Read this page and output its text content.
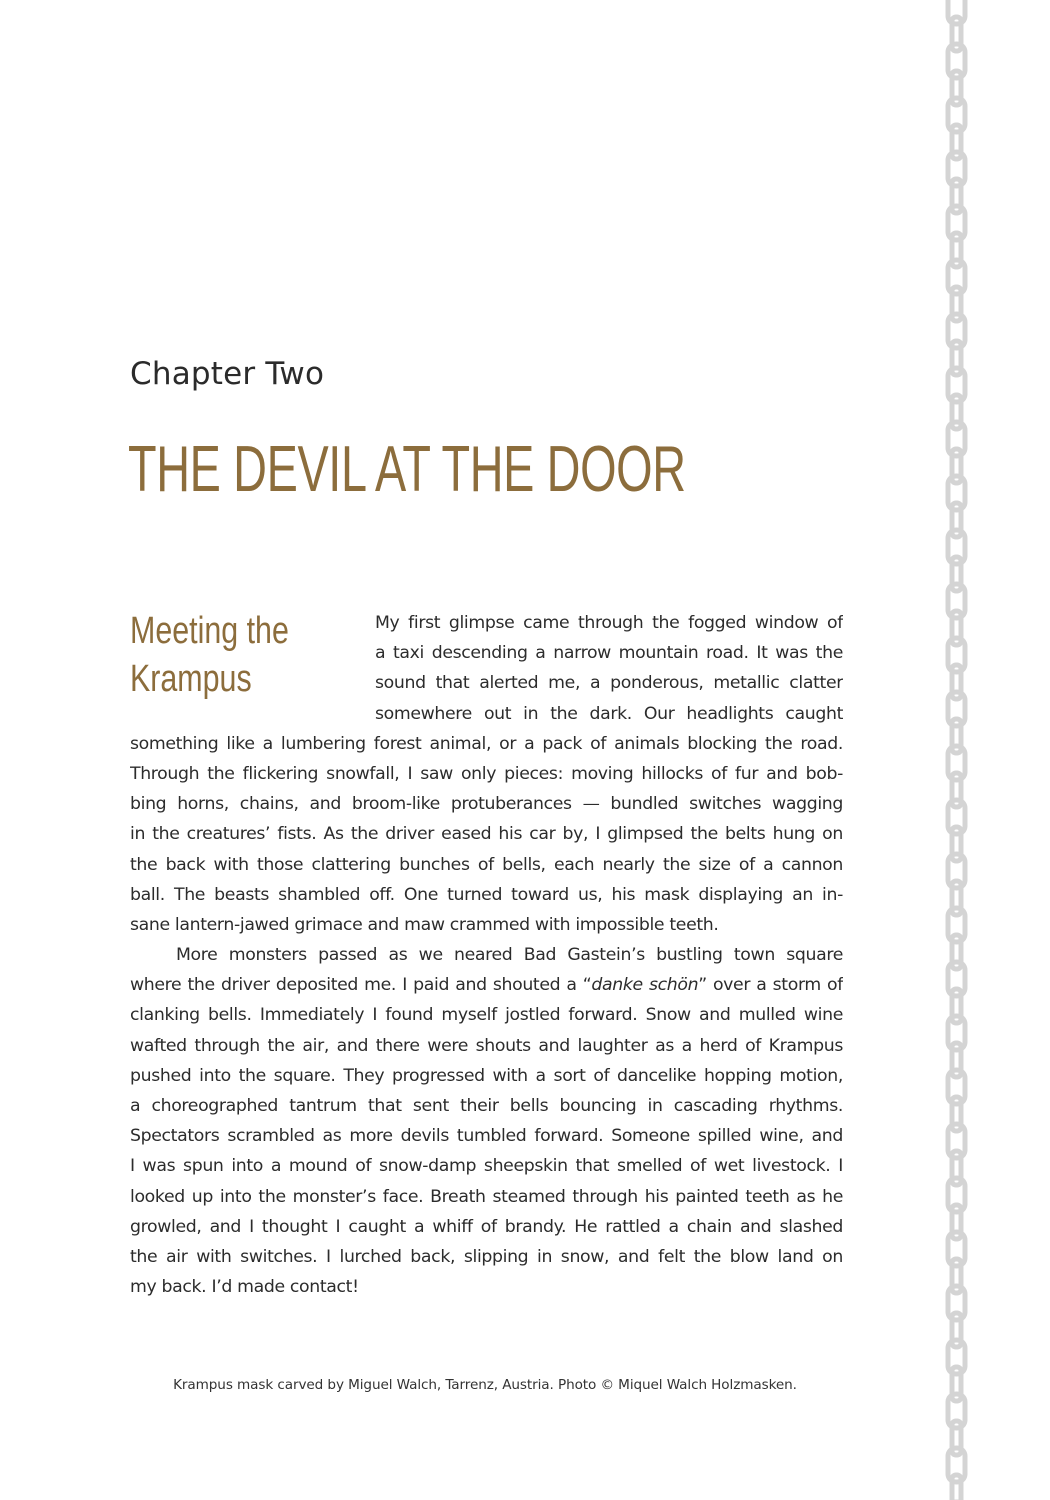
Chapter Two
THE DEVIL AT THE DOOR
Meeting the
Krampus
My first glimpse came through the fogged window of
a taxi descending a narrow mountain road. It was the
sound that alerted me, a ponderous, metallic clatter
somewhere out in the dark. Our headlights caught
something like a lumbering forest animal, or a pack of animals blocking the road.
Through the flickering snowfall, I saw only pieces: moving hillocks of fur and bob-
bing horns, chains, and broom-like protuberances — bundled switches wagging
in the creatures’ fists. As the driver eased his car by, I glimpsed the belts hung on
the back with those clattering bunches of bells, each nearly the size of a cannon
ball. The beasts shambled off. One turned toward us, his mask displaying an in-
sane lantern-jawed grimace and maw crammed with impossible teeth.
More monsters passed as we neared Bad Gastein’s bustling town square
where the driver deposited me. I paid and shouted a “danke schön” over a storm of
clanking bells. Immediately I found myself jostled forward. Snow and mulled wine
wafted through the air, and there were shouts and laughter as a herd of Krampus
pushed into the square. They progressed with a sort of dancelike hopping motion,
a choreographed tantrum that sent their bells bouncing in cascading rhythms.
Spectators scrambled as more devils tumbled forward. Someone spilled wine, and
I was spun into a mound of snow-damp sheepskin that smelled of wet livestock. I
looked up into the monster’s face. Breath steamed through his painted teeth as he
growled, and I thought I caught a whiff of brandy. He rattled a chain and slashed
the air with switches. I lurched back, slipping in snow, and felt the blow land on
my back. I’d made contact!

Krampus mask carved by Miguel Walch, Tarrenz, Austria. Photo © Miquel Walch Holzmasken.
